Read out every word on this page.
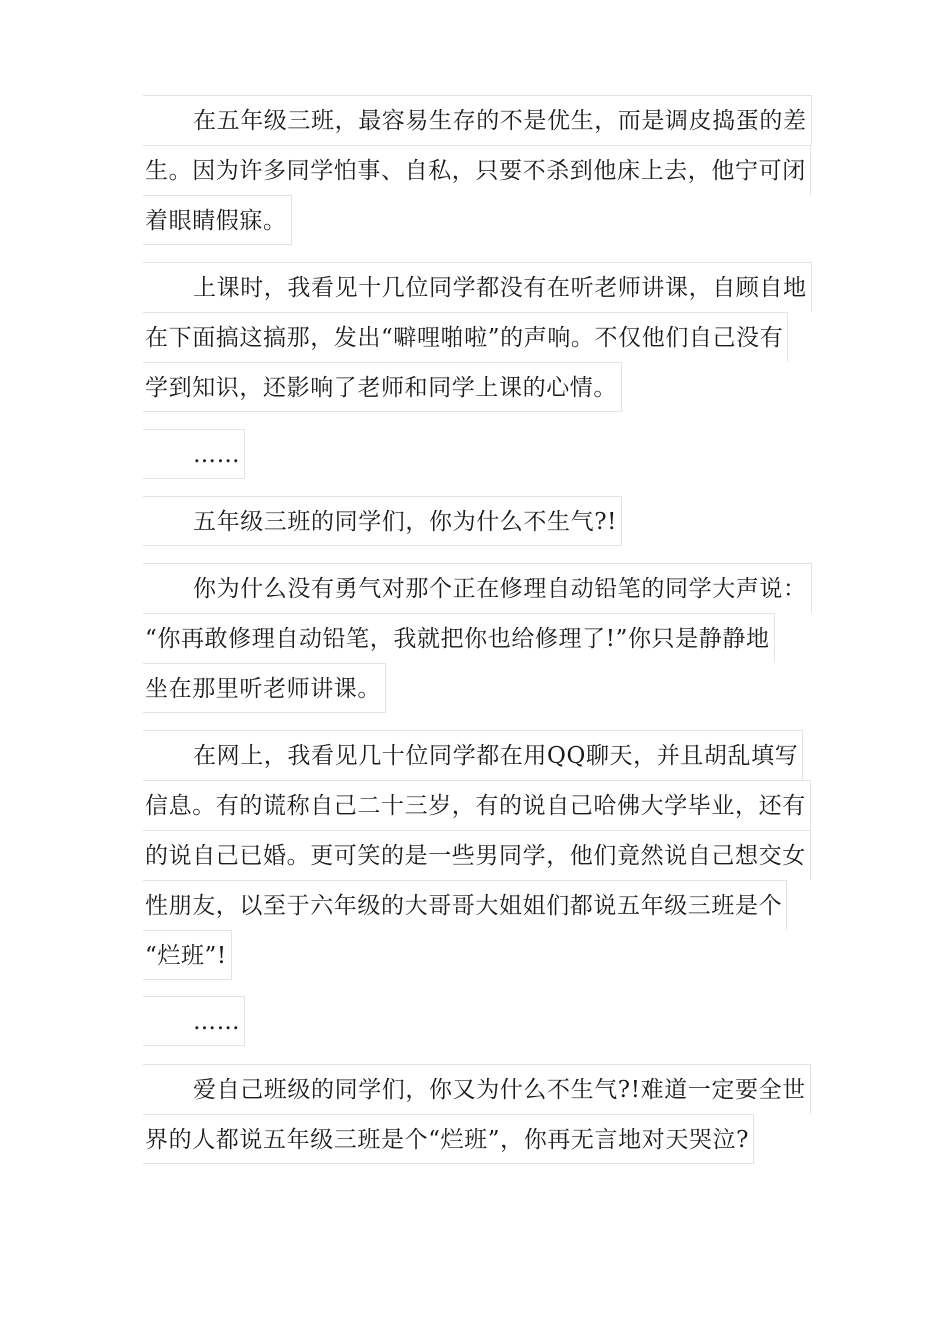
在五年级三班，最容易生存的不是优生，而是调皮捣蛋的差
生。因为许多同学怕事、自私，只要不杀到他床上去，他宁可闭
着眼睛假寐。
上课时，我看见十几位同学都没有在听老师讲课，自顾自地
在下面搞这搞那，发出“噼哩啪啦”的声响。不仅他们自己没有
学到知识，还影响了老师和同学上课的心情。
……
五年级三班的同学们，你为什么不生气?!
你为什么没有勇气对那个正在修理自动铅笔的同学大声说：
“你再敢修理自动铅笔，我就把你也给修理了!”你只是静静地
坐在那里听老师讲课。
在网上，我看见几十位同学都在用QQ聊天，并且胡乱填写
信息。有的谎称自己二十三岁，有的说自己哈佛大学毕业，还有
的说自己已婚。更可笑的是一些男同学，他们竟然说自己想交女
性朋友，以至于六年级的大哥哥大姐姐们都说五年级三班是个
“烂班”!
……
爱自己班级的同学们，你又为什么不生气?!难道一定要全世
界的人都说五年级三班是个“烂班”，你再无言地对天哭泣?
